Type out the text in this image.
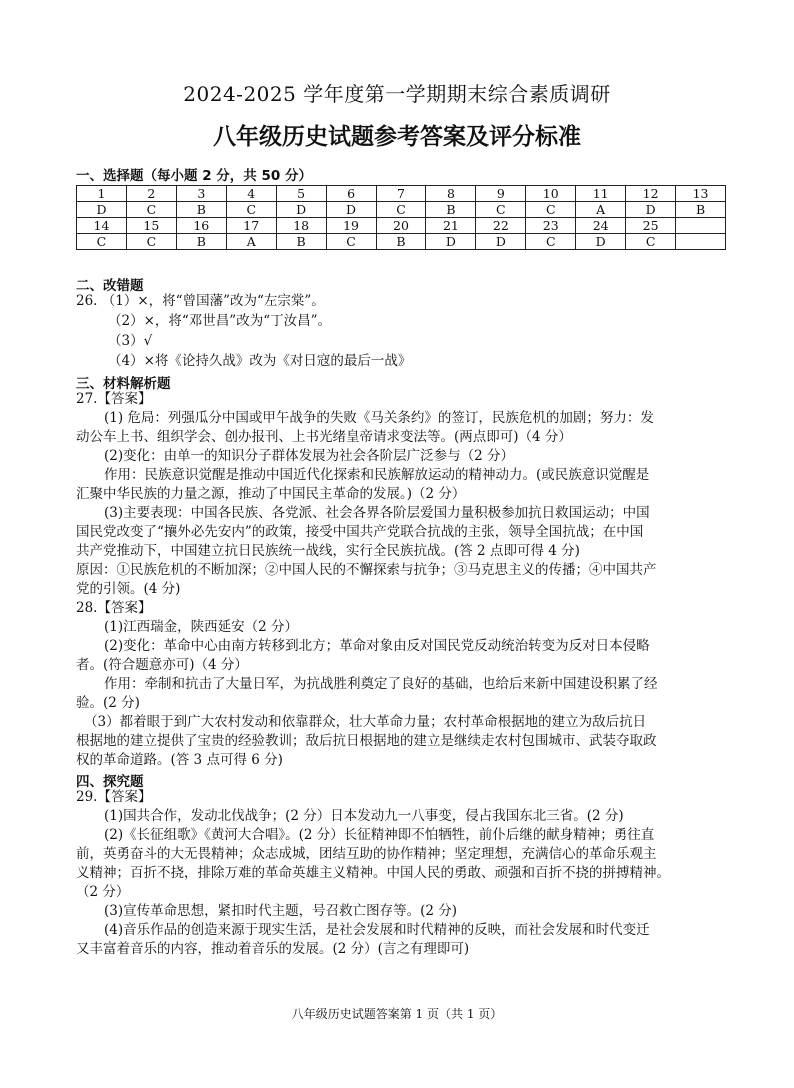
2024-2025 学年度第一学期期末综合素质调研
八年级历史试题参考答案及评分标准
一、选择题（每小题 2 分，共 50 分）
1	2	3	4	5	6	7	8	9	10	11	12	13
D	C	B	C	D	D	C	B	C	C	A	D	B
14	15	16	17	18	19	20	21	22	23	24	25	
C	C	B	A	B	C	B	D	D	C	D	C	
二、改错题
26. （1）×，将“曾国藩”改为“左宗棠”。
（2）×，将“邓世昌”改为“丁汝昌”。
（3）√
（4）×将《论持久战》改为《对日寇的最后一战》
三、材料解析题
27.【答案】
(1) 危局：列强瓜分中国或甲午战争的失败《马关条约》的签订，民族危机的加剧；努力：发
动公车上书、组织学会、创办报刊、上书光绪皇帝请求变法等。(两点即可)（4 分）
(2)变化：由单一的知识分子群体发展为社会各阶层广泛参与（2 分）
作用：民族意识觉醒是推动中国近代化探索和民族解放运动的精神动力。(或民族意识觉醒是
汇聚中华民族的力量之源，推动了中国民主革命的发展。)（2 分）
(3)主要表现：中国各民族、各党派、社会各界各阶层爱国力量积极参加抗日救国运动；中国
国民党改变了“攘外必先安内”的政策，接受中国共产党联合抗战的主张，领导全国抗战；在中国
共产党推动下，中国建立抗日民族统一战线，实行全民族抗战。(答 2 点即可得 4 分)
原因：①民族危机的不断加深；②中国人民的不懈探索与抗争；③马克思主义的传播；④中国共产
党的引领。(4 分)
28.【答案】
(1)江西瑞金，陕西延安（2 分）
(2)变化：革命中心由南方转移到北方；革命对象由反对国民党反动统治转变为反对日本侵略
者。(符合题意亦可)（4 分）
作用：牵制和抗击了大量日军，为抗战胜利奠定了良好的基础，也给后来新中国建设积累了经
验。(2 分)
（3）都着眼于到广大农村发动和依靠群众，壮大革命力量；农村革命根据地的建立为敌后抗日
根据地的建立提供了宝贵的经验教训；敌后抗日根据地的建立是继续走农村包围城市、武装夺取政
权的革命道路。(答 3 点可得 6 分)
四、探究题
29.【答案】
(1)国共合作，发动北伐战争；(2 分）日本发动九一八事变，侵占我国东北三省。(2 分)
(2)《长征组歌》《黄河大合唱》。(2 分）长征精神即不怕牺牲，前仆后继的献身精神；勇往直
前，英勇奋斗的大无畏精神；众志成城，团结互助的协作精神；坚定理想，充满信心的革命乐观主
义精神；百折不挠，排除万难的革命英雄主义精神。中国人民的勇敢、顽强和百折不挠的拼搏精神。
（2 分）
(3)宣传革命思想，紧扣时代主题，号召救亡图存等。(2 分)
(4)音乐作品的创造来源于现实生活，是社会发展和时代精神的反映，而社会发展和时代变迁
又丰富着音乐的内容，推动着音乐的发展。(2 分）(言之有理即可)
八年级历史试题答案第 1 页（共 1 页）
